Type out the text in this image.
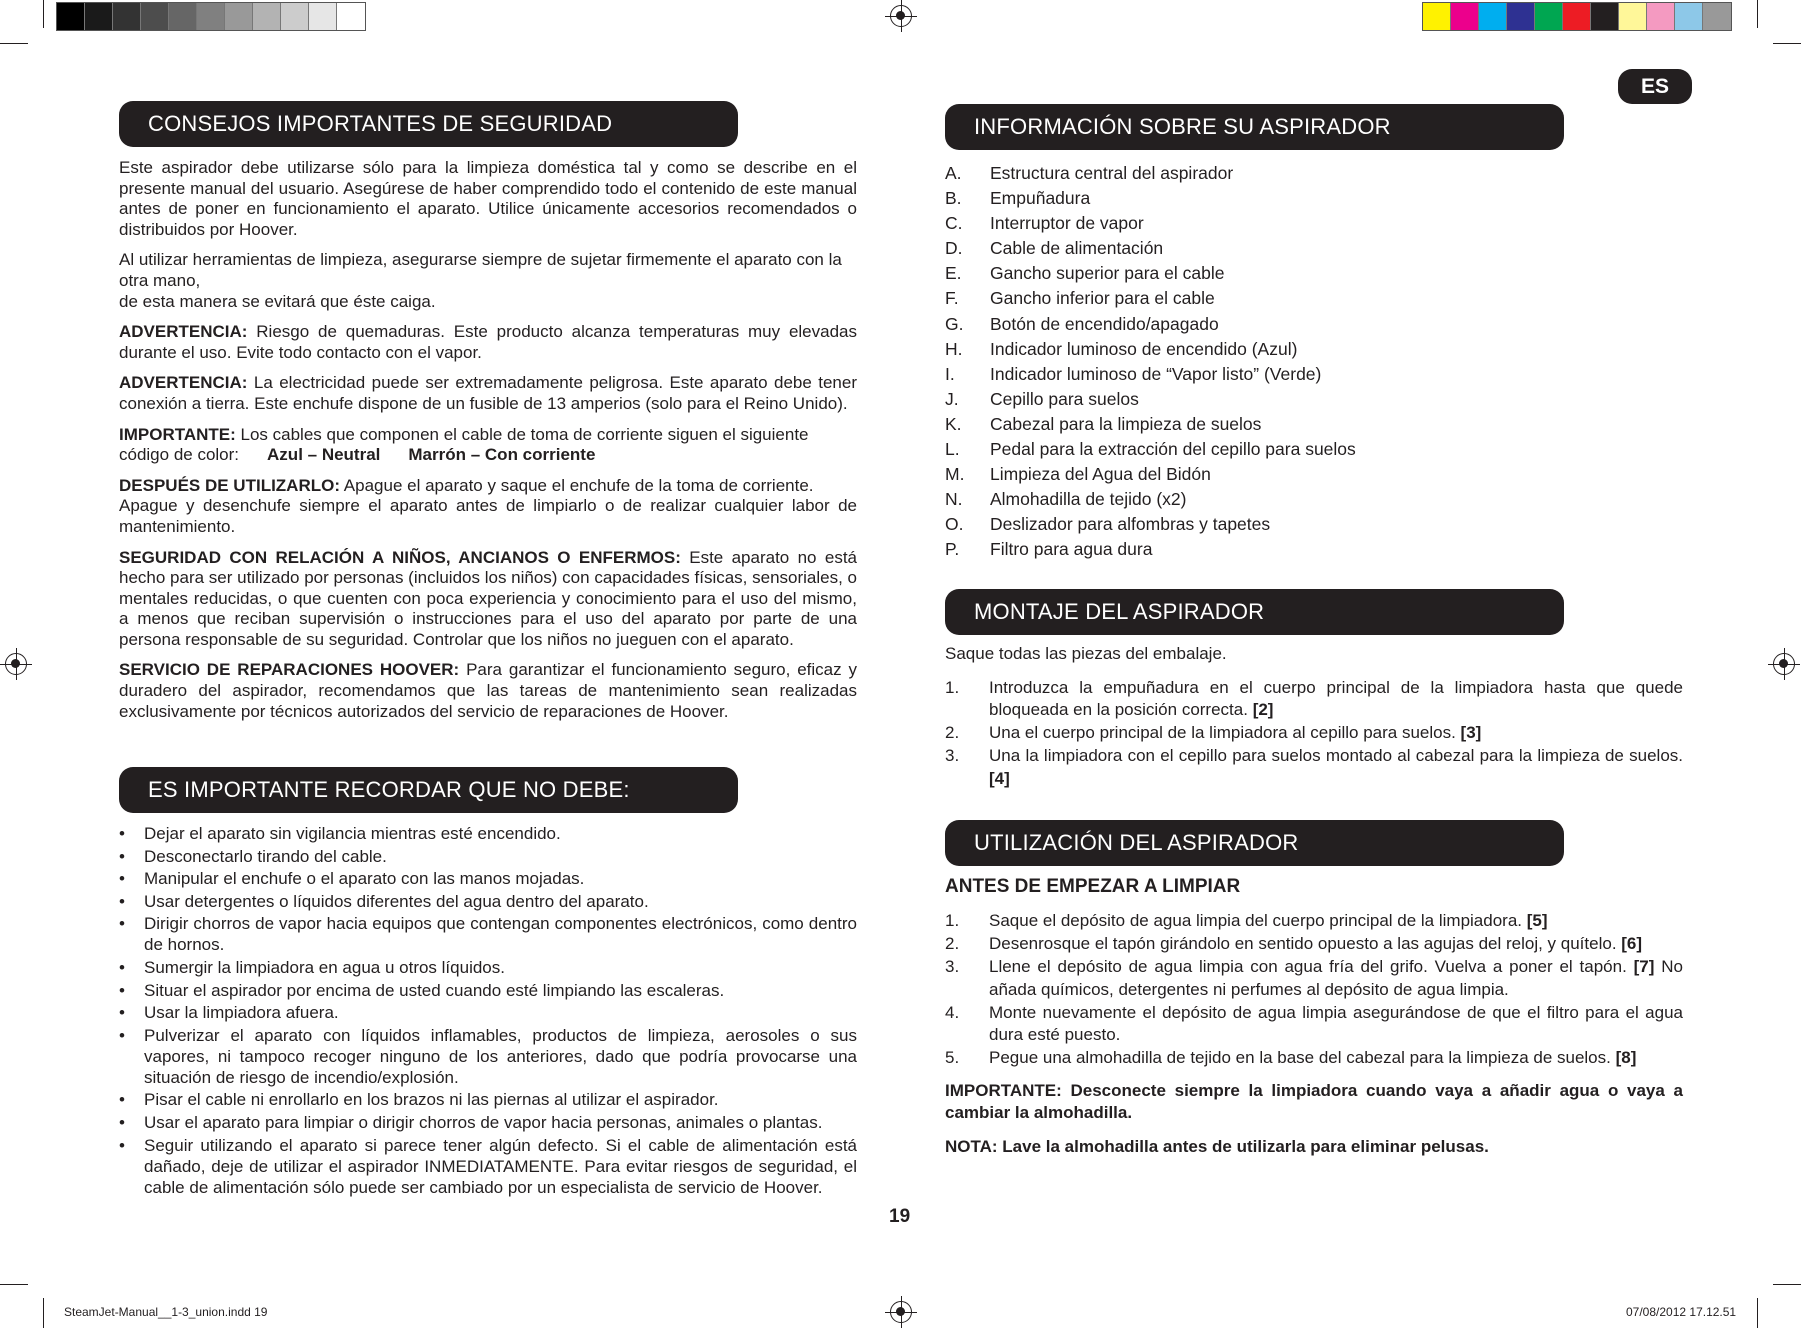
ES
CONSEJOS IMPORTANTES DE SEGURIDAD

Este aspirador debe utilizarse sólo para la limpieza doméstica tal y como se describe en el presente manual del usuario. Asegúrese de haber comprendido todo el contenido de este manual antes de poner en funcionamiento el aparato. Utilice únicamente accesorios recomendados o distribuidos por Hoover.

Al utilizar herramientas de limpieza, asegurarse siempre de sujetar firmemente el aparato con la otra mano,
de esta manera se evitará que éste caiga.

ADVERTENCIA: Riesgo de quemaduras. Este producto alcanza temperaturas muy elevadas durante el uso. Evite todo contacto con el vapor.

ADVERTENCIA: La electricidad puede ser extremadamente peligrosa. Este aparato debe tener conexión a tierra. Este enchufe dispone de un fusible de 13 amperios (solo para el Reino Unido).

IMPORTANTE: Los cables que componen el cable de toma de corriente siguen el siguiente código de color: Azul – Neutral Marrón – Con corriente

DESPUÉS DE UTILIZARLO: Apague el aparato y saque el enchufe de la toma de corriente.
Apague y desenchufe siempre el aparato antes de limpiarlo o de realizar cualquier labor de mantenimiento.

SEGURIDAD CON RELACIÓN A NIÑOS, ANCIANOS O ENFERMOS: Este aparato no está hecho para ser utilizado por personas (incluidos los niños) con capacidades físicas, sensoriales, o mentales reducidas, o que cuenten con poca experiencia y conocimiento para el uso del mismo, a menos que reciban supervisión o instrucciones para el uso del aparato por parte de una persona responsable de su seguridad. Controlar que los niños no jueguen con el aparato.

SERVICIO DE REPARACIONES HOOVER: Para garantizar el funcionamiento seguro, eficaz y duradero del aspirador, recomendamos que las tareas de mantenimiento sean realizadas exclusivamente por técnicos autorizados del servicio de reparaciones de Hoover.

ES IMPORTANTE RECORDAR QUE NO DEBE:
• Dejar el aparato sin vigilancia mientras esté encendido.
• Desconectarlo tirando del cable.
• Manipular el enchufe o el aparato con las manos mojadas.
• Usar detergentes o líquidos diferentes del agua dentro del aparato.
• Dirigir chorros de vapor hacia equipos que contengan componentes electrónicos, como dentro de hornos.
• Sumergir la limpiadora en agua u otros líquidos.
• Situar el aspirador por encima de usted cuando esté limpiando las escaleras.
• Usar la limpiadora afuera.
• Pulverizar el aparato con líquidos inflamables, productos de limpieza, aerosoles o sus vapores, ni tampoco recoger ninguno de los anteriores, dado que podría provocarse una situación de riesgo de incendio/explosión.
• Pisar el cable ni enrollarlo en los brazos ni las piernas al utilizar el aspirador.
• Usar el aparato para limpiar o dirigir chorros de vapor hacia personas, animales o plantas.
• Seguir utilizando el aparato si parece tener algún defecto. Si el cable de alimentación está dañado, deje de utilizar el aspirador INMEDIATAMENTE. Para evitar riesgos de seguridad, el cable de alimentación sólo puede ser cambiado por un especialista de servicio de Hoover.
INFORMACIÓN SOBRE SU ASPIRADOR
A.	Estructura central del aspirador
B.	Empuñadura
C.	Interruptor de vapor
D.	Cable de alimentación
E.	Gancho superior para el cable
F.	Gancho inferior para el cable
G.	Botón de encendido/apagado
H.	Indicador luminoso de encendido (Azul)
I.	Indicador luminoso de “Vapor listo” (Verde)
J.	Cepillo para suelos
K.	Cabezal para la limpieza de suelos
L.	Pedal para la extracción del cepillo para suelos
M.	Limpieza del Agua del Bidón
N.	Almohadilla de tejido (x2)
O.	Deslizador para alfombras y tapetes
P.	Filtro para agua dura
MONTAJE DEL ASPIRADOR

Saque todas las piezas del embalaje.

1.	Introduzca la empuñadura en el cuerpo principal de la limpiadora hasta que quede bloqueada en la posición correcta. [2]
2.	Una el cuerpo principal de la limpiadora al cepillo para suelos. [3]
3.	Una la limpiadora con el cepillo para suelos montado al cabezal para la limpieza de suelos. [4]
UTILIZACIÓN DEL ASPIRADOR
ANTES DE EMPEZAR A LIMPIAR
1.	Saque el depósito de agua limpia del cuerpo principal de la limpiadora. [5]
2.	Desenrosque el tapón girándolo en sentido opuesto a las agujas del reloj, y quítelo. [6]
3.	Llene el depósito de agua limpia con agua fría del grifo. Vuelva a poner el tapón. [7] No añada químicos, detergentes ni perfumes al depósito de agua limpia.
4.	Monte nuevamente el depósito de agua limpia asegurándose de que el filtro para el agua dura esté puesto.
5.	Pegue una almohadilla de tejido en la base del cabezal para la limpieza de suelos. [8]

IMPORTANTE: Desconecte siempre la limpiadora cuando vaya a añadir agua o vaya a cambiar la almohadilla.

NOTA: Lave la almohadilla antes de utilizarla para eliminar pelusas.

19
SteamJet-Manual__1-3_union.indd 19	07/08/2012 17.12.51
